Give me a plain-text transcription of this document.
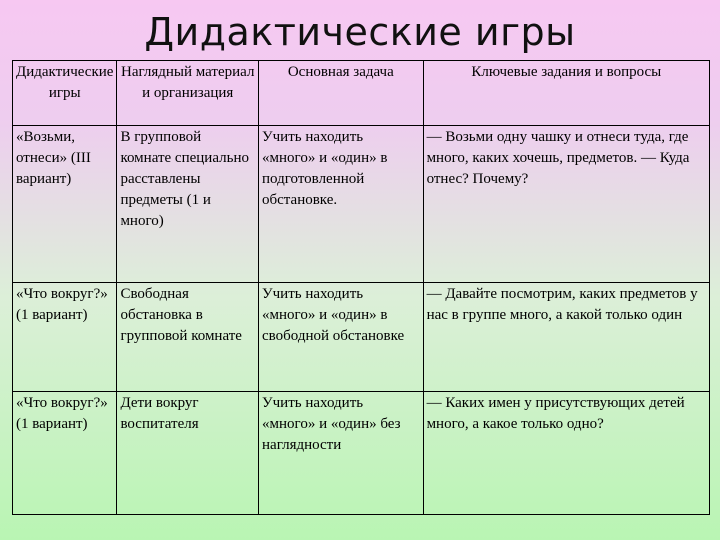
Дидактические игры
Дидактические игры	Наглядный материал и организация	Основная задача	Ключевые задания и вопросы
«Возьми, отнеси» (III вариант)	В групповой комнате специально расставлены предметы (1 и много)	Учить находить «много» и «один» в подготовленной обстановке.	— Возьми одну чашку и отнеси туда, где много, каких хочешь, предметов. — Куда отнес? Почему?
«Что вокруг?» (1 вариант)	Свободная обстановка в групповой комнате	Учить находить «много» и «один» в свободной обстановке	— Давайте посмотрим, каких предметов у нас в группе много, а какой только один
«Что вокруг?» (1 вариант)	Дети вокруг воспитателя	Учить находить «много» и «один» без наглядности	— Каких имен у присутствующих детей много, а какое только одно?
